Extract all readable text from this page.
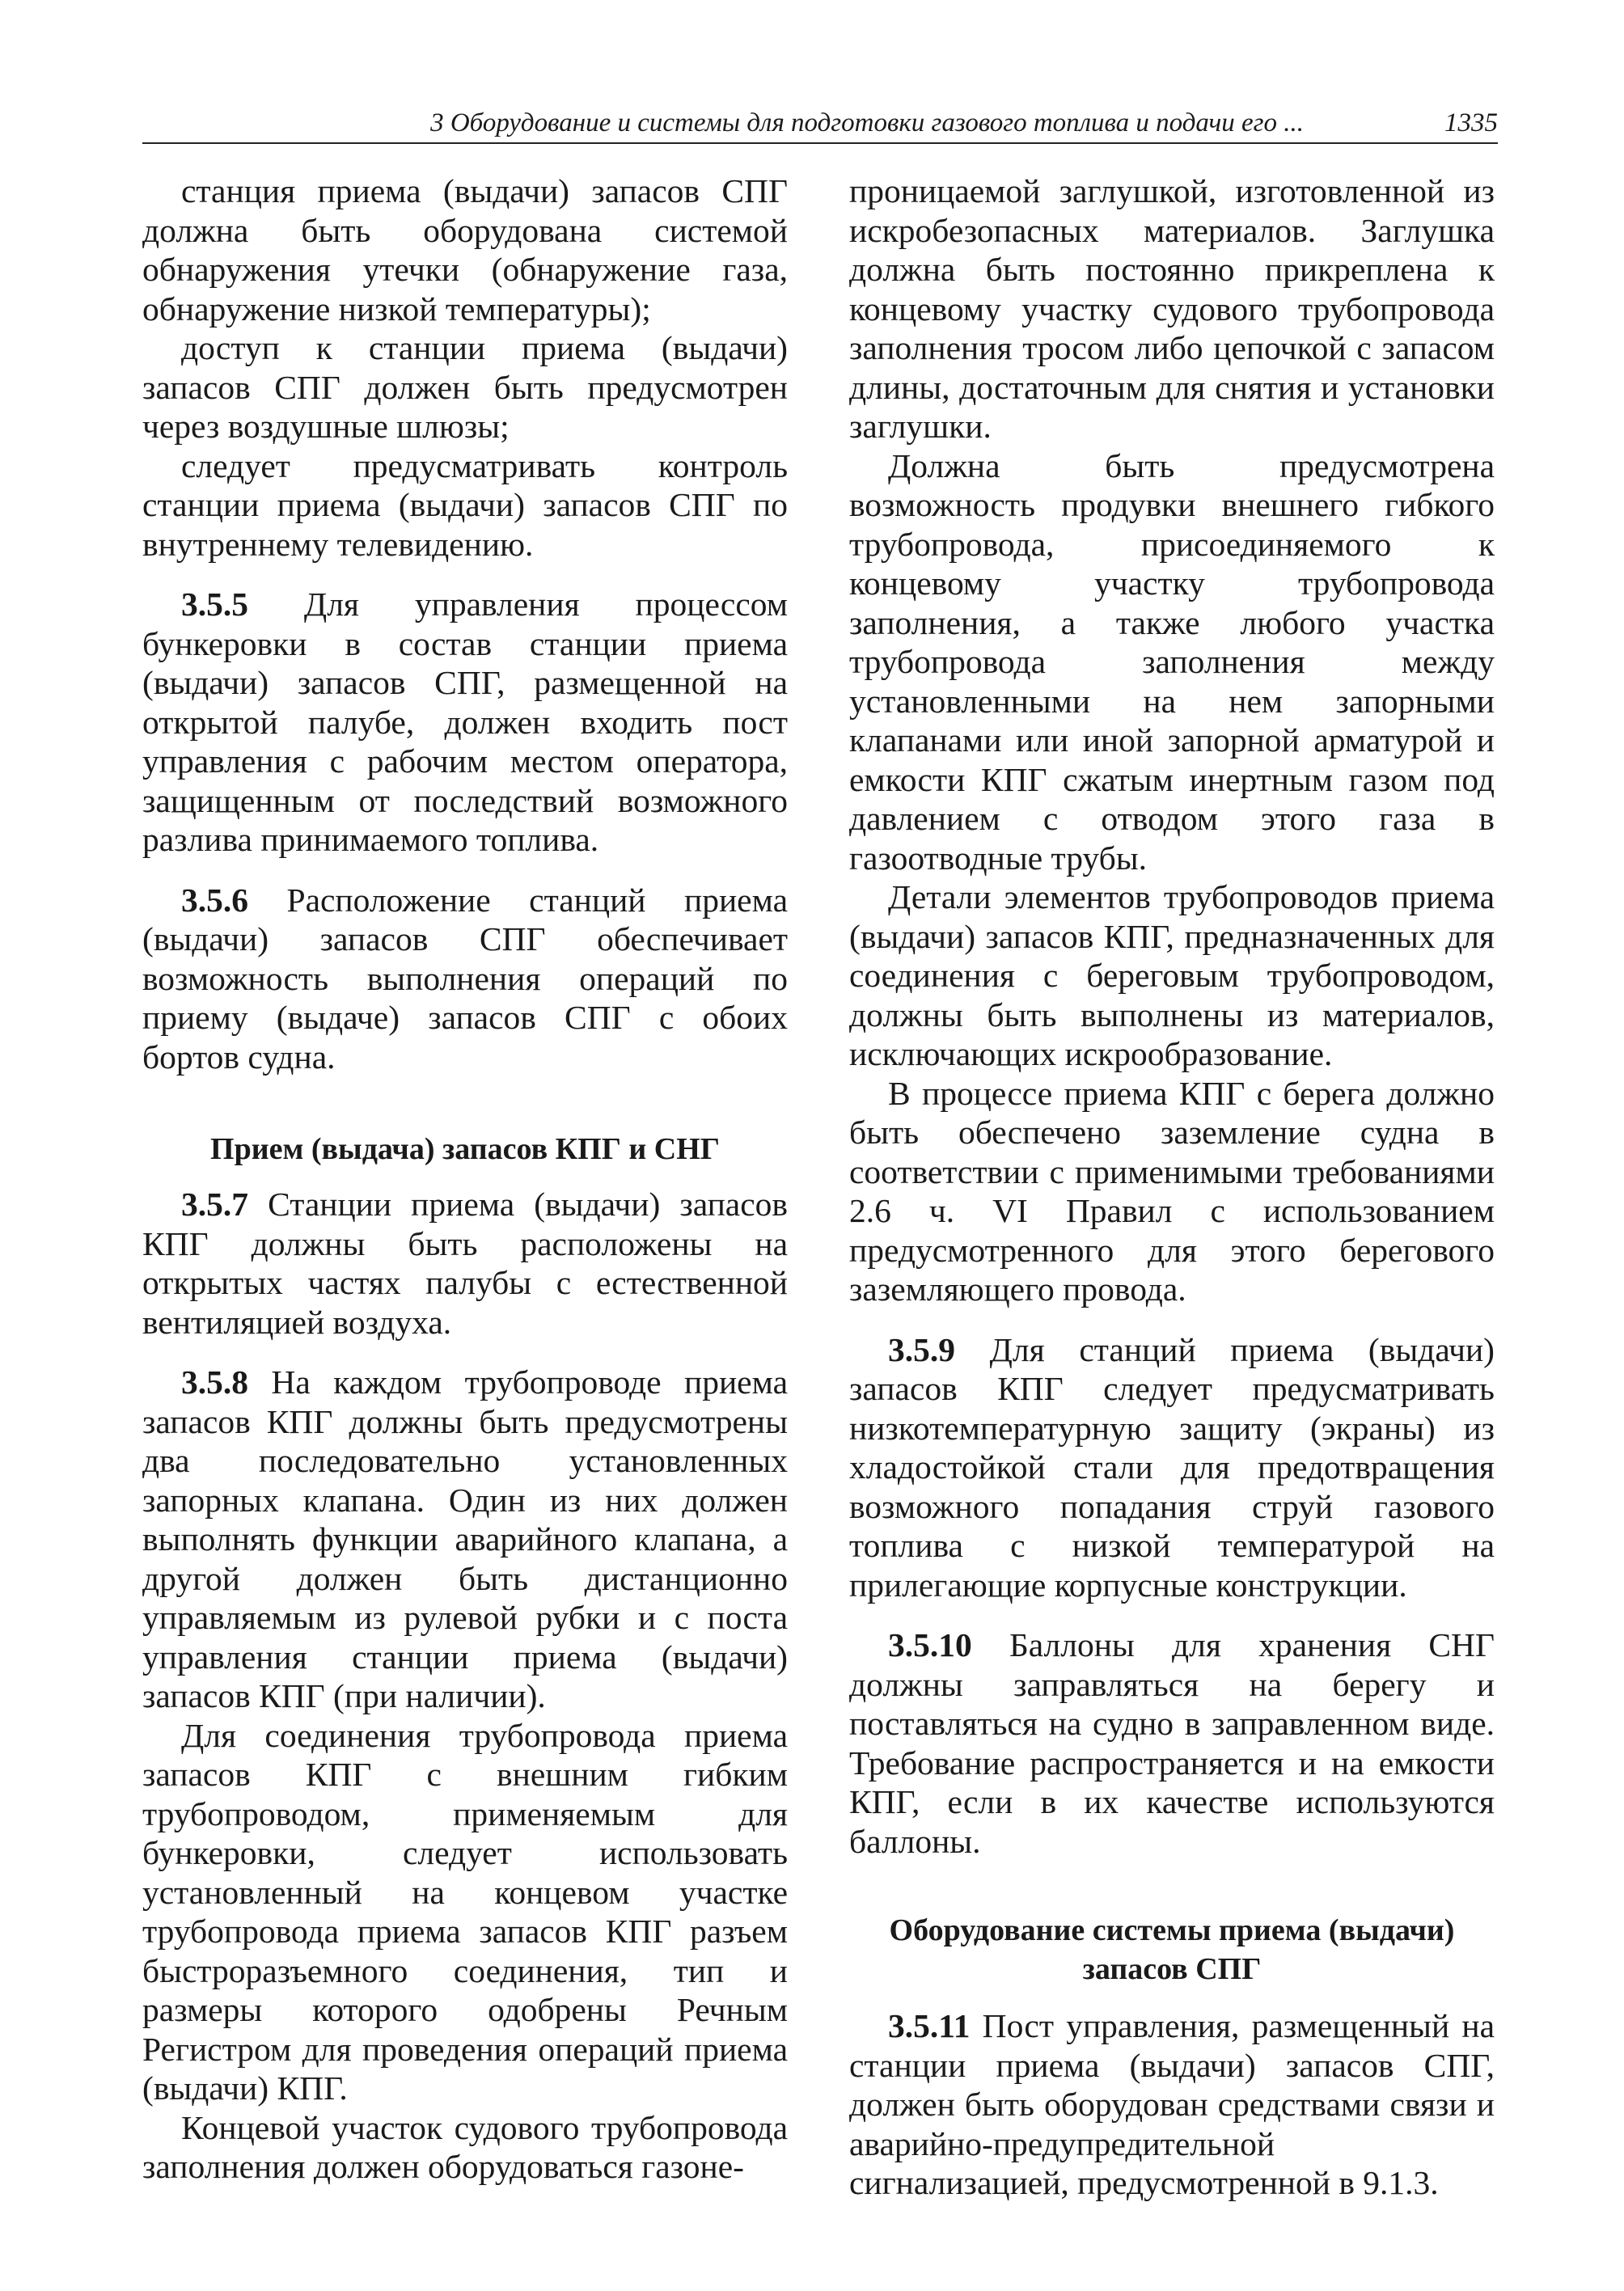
3 Оборудование и системы для подготовки газового топлива и подачи его ...	1335

станция приема (выдачи) запасов СПГ должна быть оборудована системой обнаружения утечки (обнаружение газа, обнаружение низкой температуры);

доступ к станции приема (выдачи) запасов СПГ должен быть предусмотрен через воздушные шлюзы;

следует предусматривать контроль станции приема (выдачи) запасов СПГ по внутреннему телевидению.

3.5.5 Для управления процессом бункеровки в состав станции приема (выдачи) запасов СПГ, размещенной на открытой палубе, должен входить пост управления с рабочим местом оператора, защищенным от последствий возможного разлива принимаемого топлива.

3.5.6 Расположение станций приема (выдачи) запасов СПГ обеспечивает возможность выполнения операций по приему (выдаче) запасов СПГ с обоих бортов судна.

Прием (выдача) запасов КПГ и СНГ

3.5.7 Станции приема (выдачи) запасов КПГ должны быть расположены на открытых частях палубы с естественной вентиляцией воздуха.

3.5.8 На каждом трубопроводе приема запасов КПГ должны быть предусмотрены два последовательно установленных запорных клапана. Один из них должен выполнять функции аварийного клапана, а другой должен быть дистанционно управляемым из рулевой рубки и с поста управления станции приема (выдачи) запасов КПГ (при наличии).

Для соединения трубопровода приема запасов КПГ с внешним гибким трубопроводом, применяемым для бункеровки, следует использовать установленный на концевом участке трубопровода приема запасов КПГ разъем быстроразъемного соединения, тип и размеры которого одобрены Речным Регистром для проведения операций приема (выдачи) КПГ.

Концевой участок судового трубопровода заполнения должен оборудоваться газоне-

проницаемой заглушкой, изготовленной из искробезопасных материалов. Заглушка должна быть постоянно прикреплена к концевому участку судового трубопровода заполнения тросом либо цепочкой с запасом длины, достаточным для снятия и установки заглушки.

Должна быть предусмотрена возможность продувки внешнего гибкого трубопровода, присоединяемого к концевому участку трубопровода заполнения, а также любого участка трубопровода заполнения между установленными на нем запорными клапанами или иной запорной арматурой и емкости КПГ сжатым инертным газом под давлением с отводом этого газа в газоотводные трубы.

Детали элементов трубопроводов приема (выдачи) запасов КПГ, предназначенных для соединения с береговым трубопроводом, должны быть выполнены из материалов, исключающих искрообразование.

В процессе приема КПГ с берега должно быть обеспечено заземление судна в соответствии с применимыми требованиями 2.6 ч. VI Правил с использованием предусмотренного для этого берегового заземляющего провода.

3.5.9 Для станций приема (выдачи) запасов КПГ следует предусматривать низкотемпературную защиту (экраны) из хладостойкой стали для предотвращения возможного попадания струй газового топлива с низкой температурой на прилегающие корпусные конструкции.

3.5.10 Баллоны для хранения СНГ должны заправляться на берегу и поставляться на судно в заправленном виде. Требование распространяется и на емкости КПГ, если в их качестве используются баллоны.

Оборудование системы приема (выдачи)
запасов СПГ

3.5.11 Пост управления, размещенный на станции приема (выдачи) запасов СПГ, должен быть оборудован средствами связи и аварийно-предупредительной сигнализацией, предусмотренной в 9.1.3.
